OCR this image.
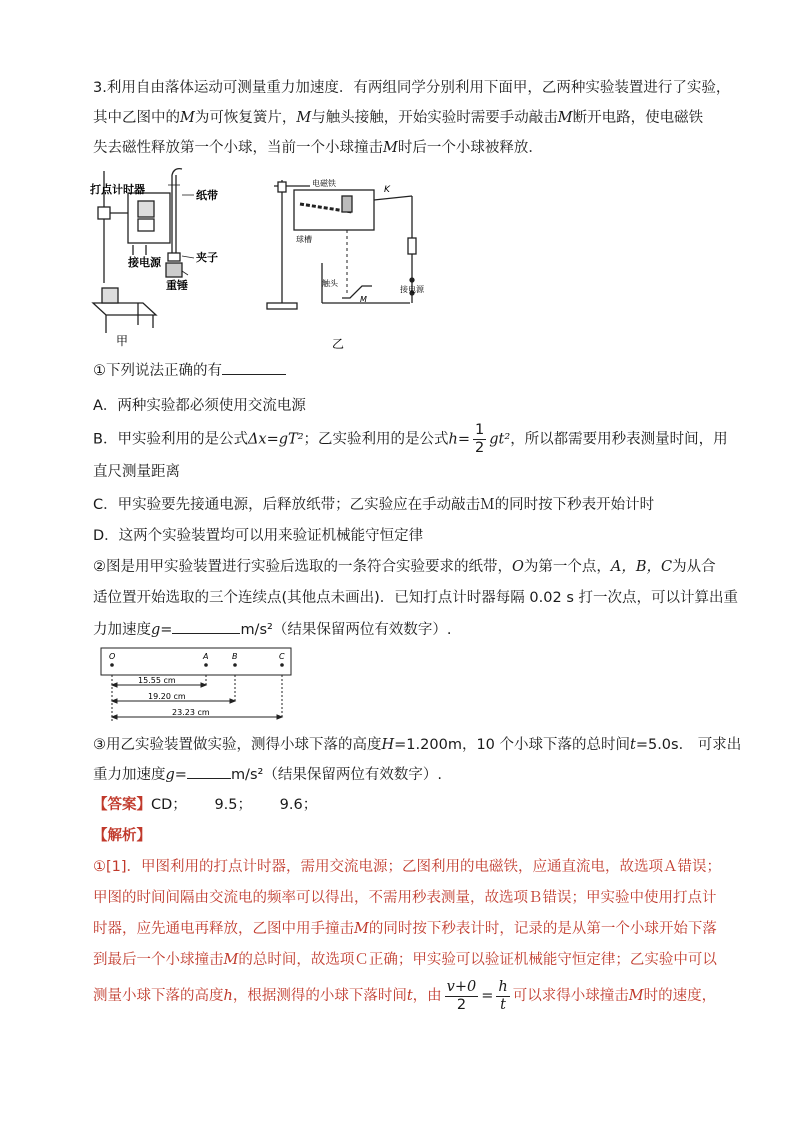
3.利用自由落体运动可测量重力加速度．有两组同学分别利用下面甲，乙两种实验装置进行了实验，
其中乙图中的M为可恢复簧片，M与触头接触，开始实验时需要手动敲击M断开电路，使电磁铁
失去磁性释放第一个小球，当前一个小球撞击M时后一个小球被释放．
打点计时器	纸带
接电源	夹子
重锤
甲
电磁铁
K
球槽
触头
M
接电源
乙
①下列说法正确的有
A．两种实验都必须使用交流电源
B．甲实验利用的是公式Δx=gT²；乙实验利用的是公式$h= \frac{1}{2} gt^2$，所以都需要用秒表测量时间，用
直尺测量距离
C．甲实验要先接通电源，后释放纸带；乙实验应在手动敲击Ｍ的同时按下秒表开始计时
D．这两个实验装置均可以用来验证机械能守恒定律
②图是用甲实验装置进行实验后选取的一条符合实验要求的纸带，O为第一个点，A，B，C为从合
适位置开始选取的三个连续点(其他点未画出)．已知打点计时器每隔 0.02 s 打一次点，可以计算出重
力加速度g=	m/s²（结果保留两位有效数字）.
O	A	B	C
15.55 cm
19.20 cm
23.23 cm
③用乙实验装置做实验，测得小球下落的高度H=1.200m，10 个小球下落的总时间t=5.0s． 可求出
重力加速度g=	m/s²（结果保留两位有效数字）.
【答案】CD；      9.5；      9.6；
【解析】
①[1]．甲图利用的打点计时器，需用交流电源；乙图利用的电磁铁，应通直流电，故选项Ａ错误；
甲图的时间间隔由交流电的频率可以得出，不需用秒表测量，故选项Ｂ错误；甲实验中使用打点计
时器，应先通电再释放，乙图中用手撞击M的同时按下秒表计时，记录的是从第一个小球开始下落
到最后一个小球撞击M的总时间，故选项Ｃ正确；甲实验可以验证机械能守恒定律；乙实验中可以
测量小球下落的高度h，根据测得的小球下落时间t，由 $\frac{v+0}{2} = \frac{h}{t}$ 可以求得小球撞击M时的速度，
